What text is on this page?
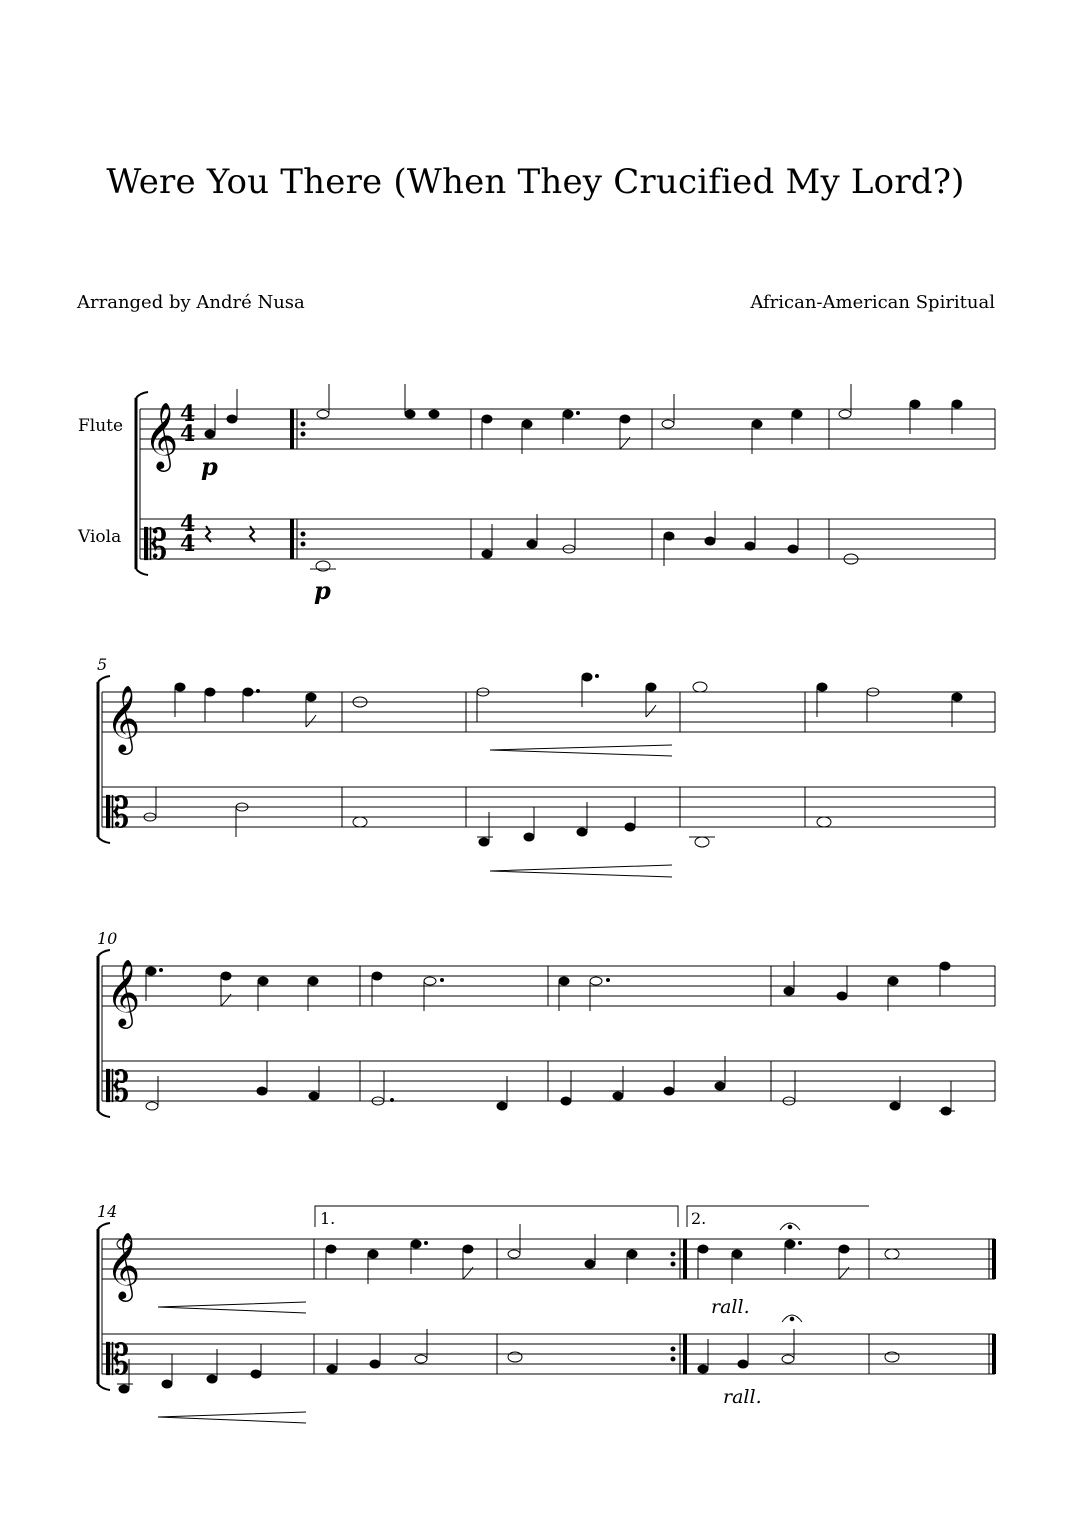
Were You There (When They Crucified My Lord?)
Arranged by André Nusa	African-American Spiritual
𝄞
𝄞
𝄞
𝄞
𝄡
𝄡
𝄡
𝄡
4
4
4
4
Flute
Viola
5
10
14
p
p
1.	2.
rall.
rall.
